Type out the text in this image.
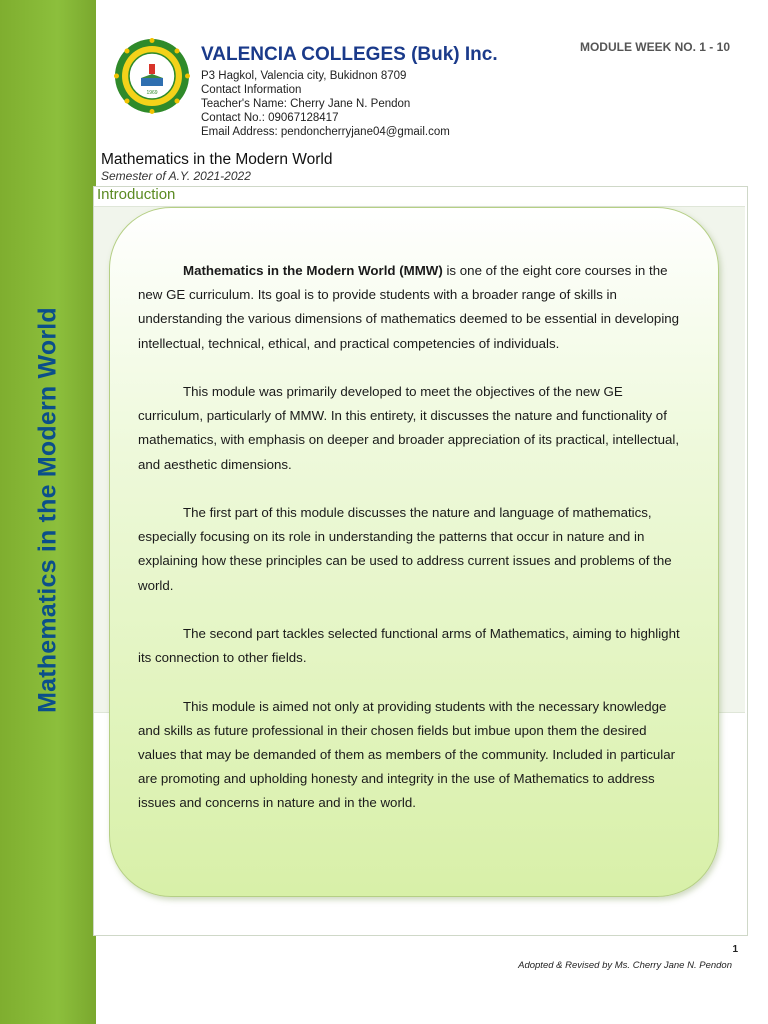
Mathematics in the Modern World
1969
VALENCIA COLLEGES (Buk) Inc.	MODULE WEEK NO. 1 - 10
P3 Hagkol, Valencia city, Bukidnon 8709
Contact Information
Teacher's Name: Cherry Jane N. Pendon
Contact No.: 09067128417
Email Address: pendoncherryjane04@gmail.com
Mathematics in the Modern World
Semester of A.Y. 2021-2022
Introduction

Mathematics in the Modern World (MMW) is one of the eight core courses in the new GE curriculum. Its goal is to provide students with a broader range of skills in understanding the various dimensions of mathematics deemed to be essential in developing intellectual, technical, ethical, and practical competencies of individuals.

This module was primarily developed to meet the objectives of the new GE curriculum, particularly of MMW. In this entirety, it discusses the nature and functionality of mathematics, with emphasis on deeper and broader appreciation of its practical, intellectual, and aesthetic dimensions.

The first part of this module discusses the nature and language of mathematics, especially focusing on its role in understanding the patterns that occur in nature and in explaining how these principles can be used to address current issues and problems of the world.

The second part tackles selected functional arms of Mathematics, aiming to highlight its connection to other fields.

This module is aimed not only at providing students with the necessary knowledge and skills as future professional in their chosen fields but imbue upon them the desired values that may be demanded of them as members of the community. Included in particular are promoting and upholding honesty and integrity in the use of Mathematics to address issues and concerns in nature and in the world.

1
Adopted & Revised by Ms. Cherry Jane N. Pendon
